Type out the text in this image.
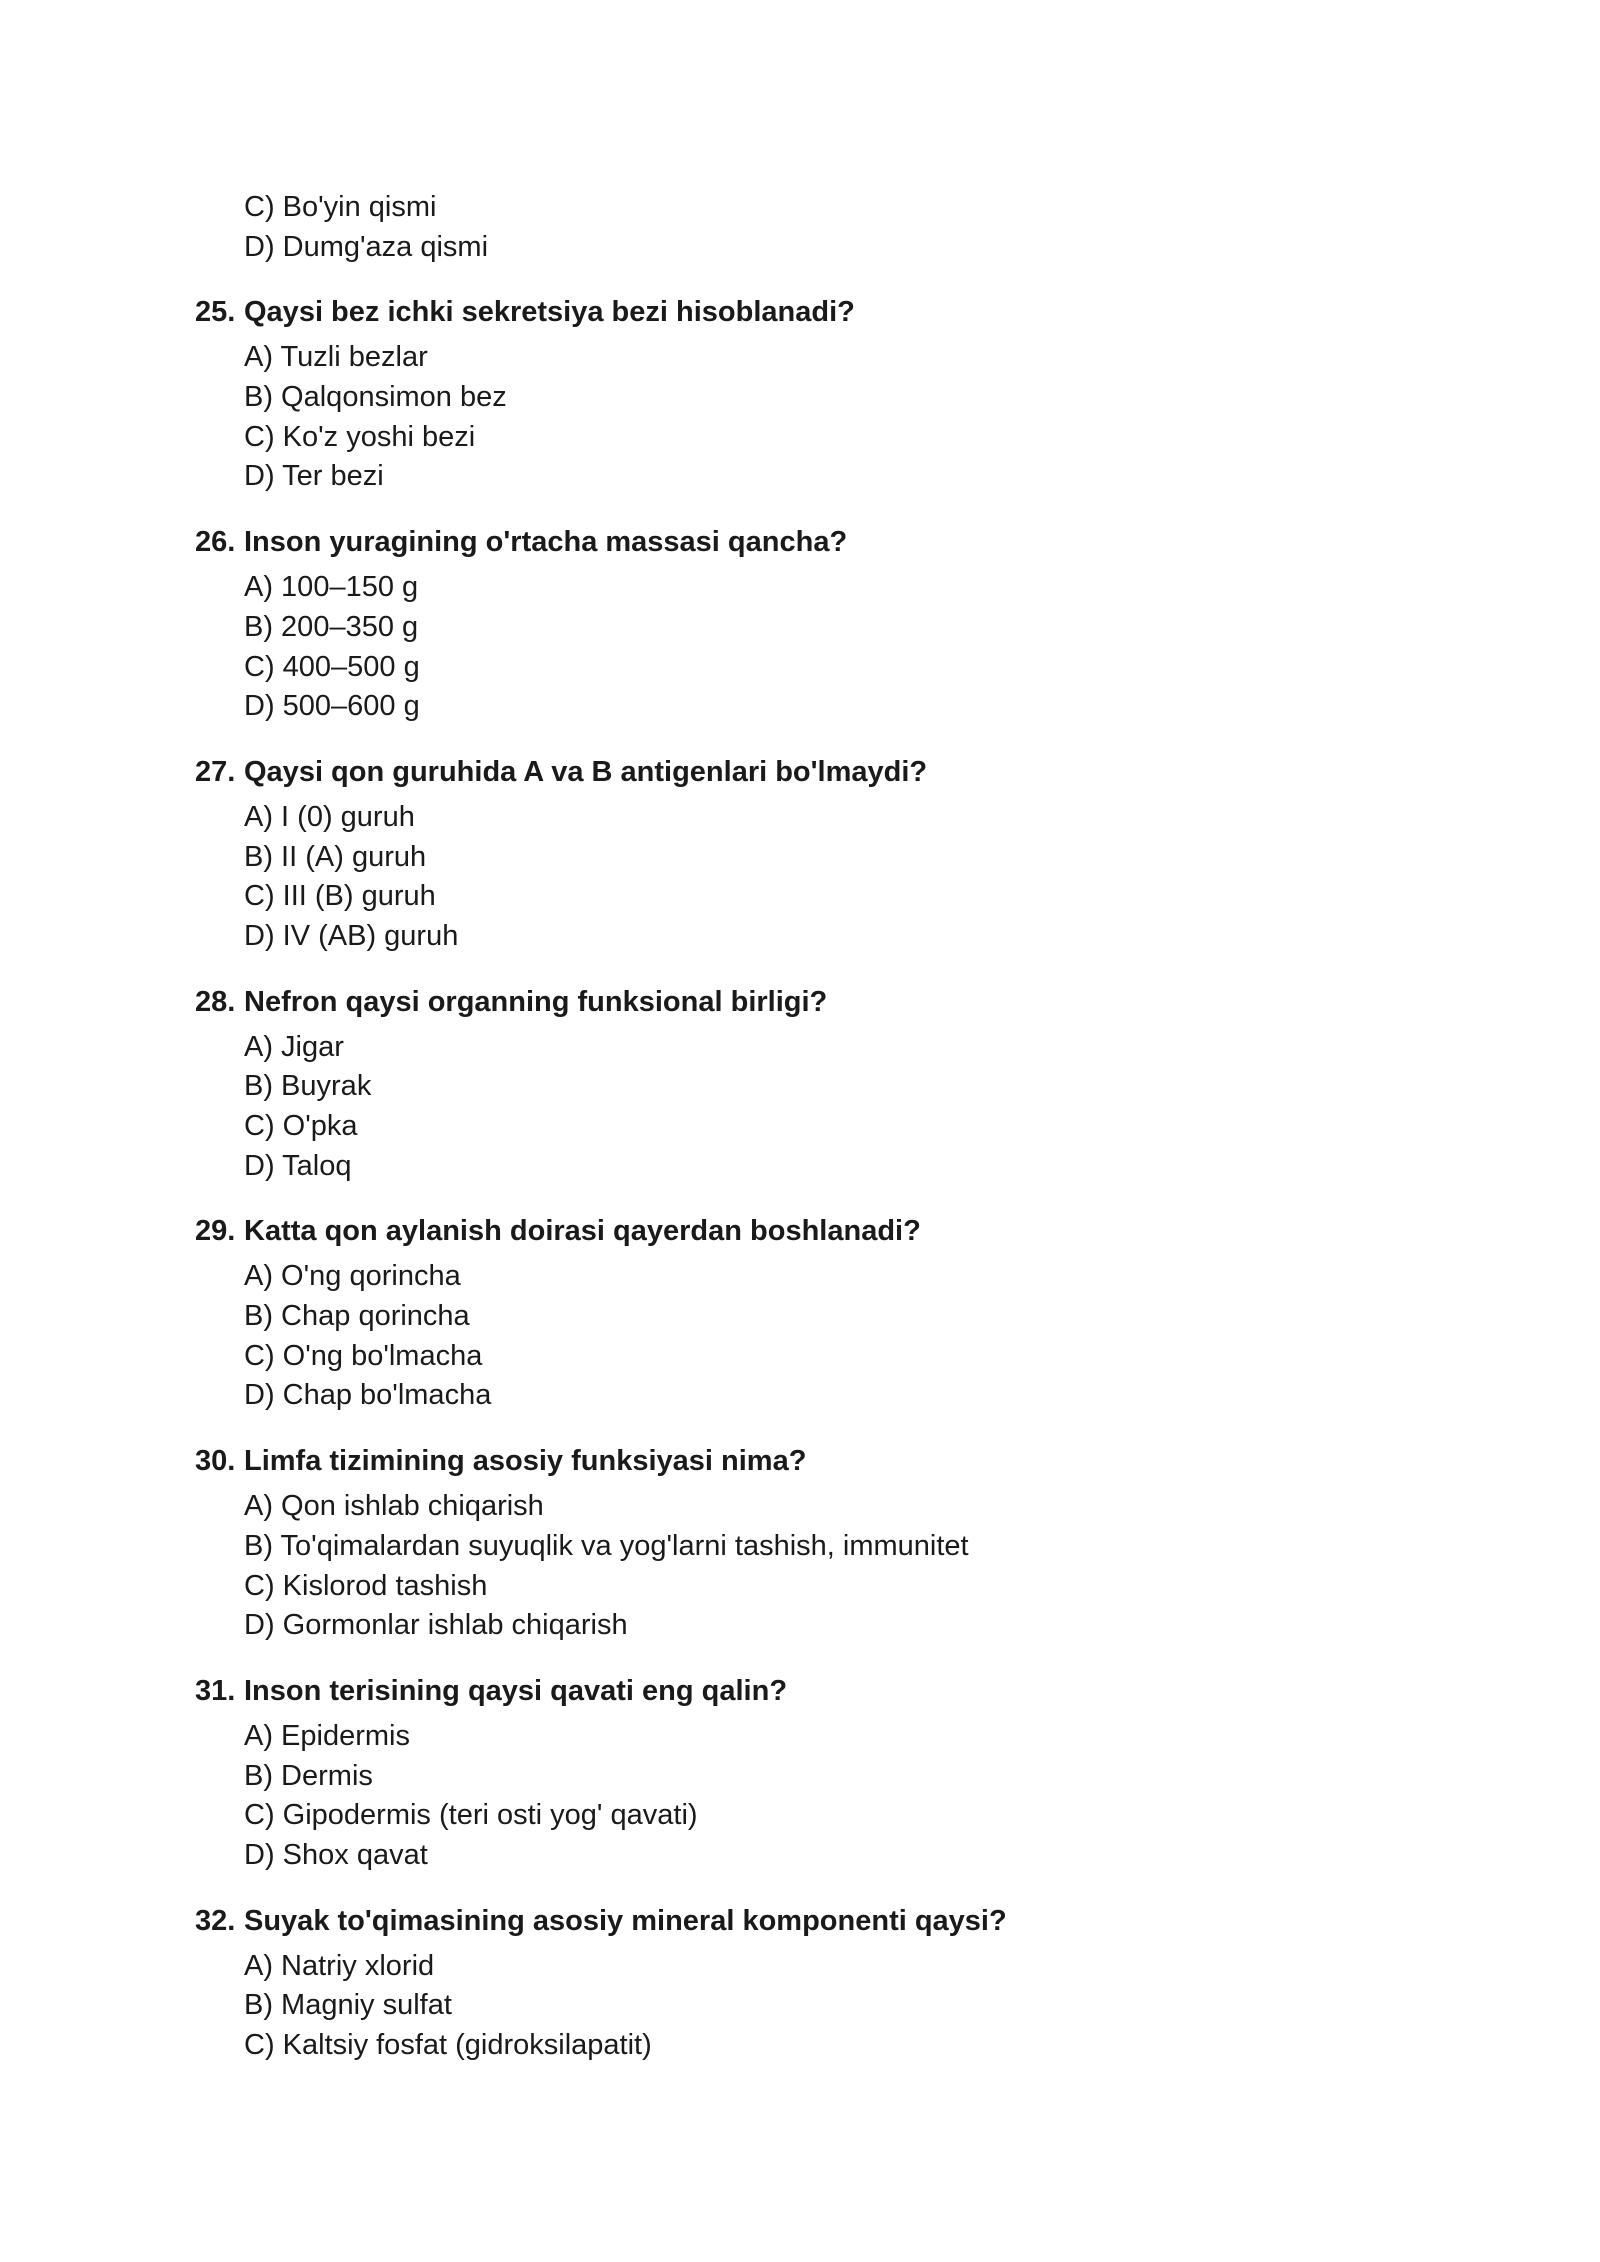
C) Bo'yin qismi
D) Dumg'aza qismi
25. Qaysi bez ichki sekretsiya bezi hisoblanadi?
A) Tuzli bezlar
B) Qalqonsimon bez
C) Ko'z yoshi bezi
D) Ter bezi
26. Inson yuragining o'rtacha massasi qancha?
A) 100–150 g
B) 200–350 g
C) 400–500 g
D) 500–600 g
27. Qaysi qon guruhida A va B antigenlari bo'lmaydi?
A) I (0) guruh
B) II (A) guruh
C) III (B) guruh
D) IV (AB) guruh
28. Nefron qaysi organning funksional birligi?
A) Jigar
B) Buyrak
C) O'pka
D) Taloq
29. Katta qon aylanish doirasi qayerdan boshlanadi?
A) O'ng qorincha
B) Chap qorincha
C) O'ng bo'lmacha
D) Chap bo'lmacha
30. Limfa tizimining asosiy funksiyasi nima?
A) Qon ishlab chiqarish
B) To'qimalardan suyuqlik va yog'larni tashish, immunitet
C) Kislorod tashish
D) Gormonlar ishlab chiqarish
31. Inson terisining qaysi qavati eng qalin?
A) Epidermis
B) Dermis
C) Gipodermis (teri osti yog' qavati)
D) Shox qavat
32. Suyak to'qimasining asosiy mineral komponenti qaysi?
A) Natriy xlorid
B) Magniy sulfat
C) Kaltsiy fosfat (gidroksilapatit)
